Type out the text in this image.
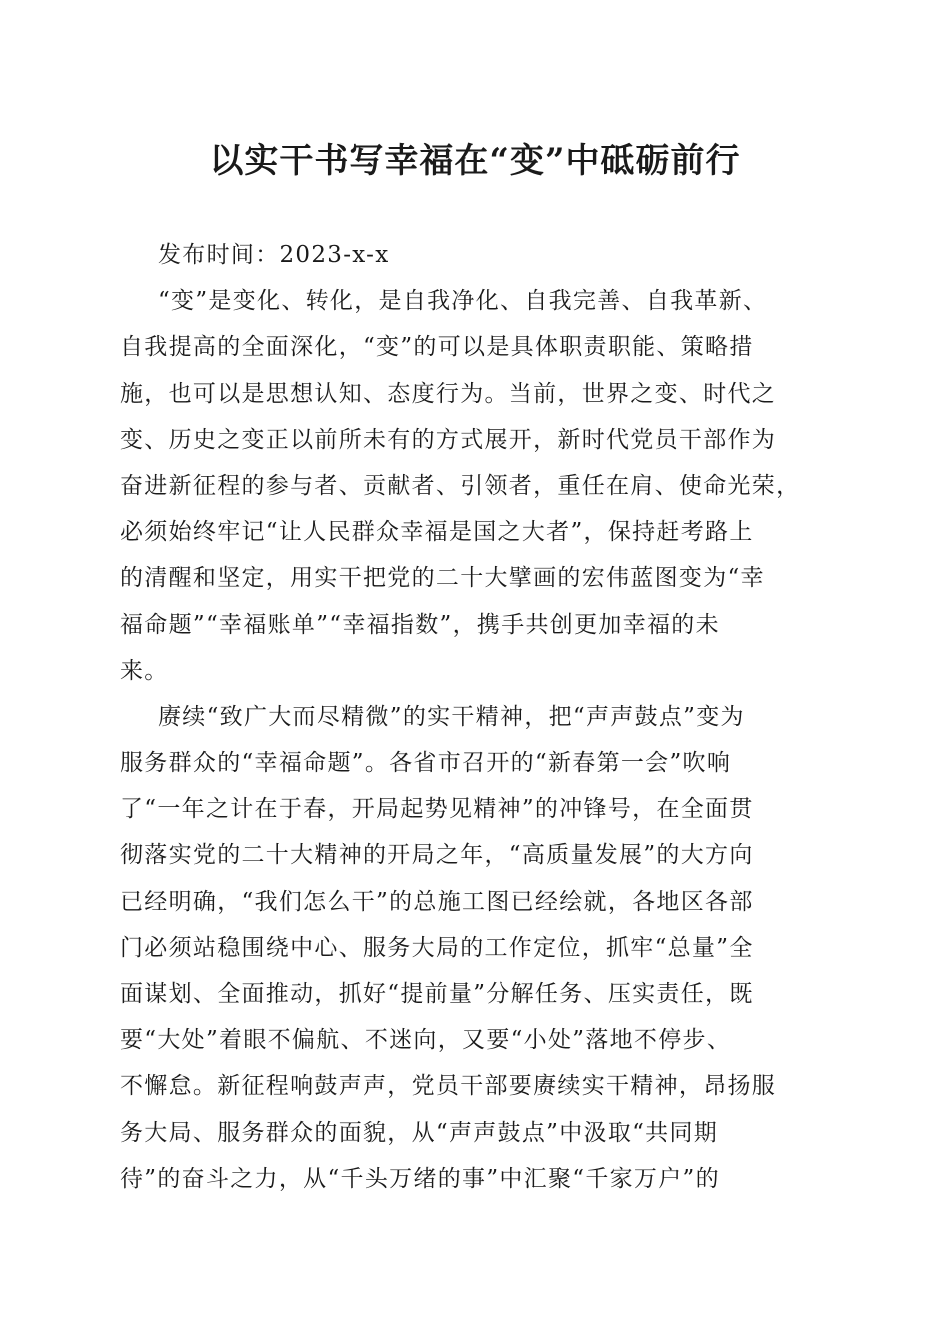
以实干书写幸福在“变”中砥砺前行
发布时间：2023-x-x
“变”是变化、转化，是自我净化、自我完善、自我革新、
自我提高的全面深化，“变”的可以是具体职责职能、策略措
施，也可以是思想认知、态度行为。当前，世界之变、时代之
变、历史之变正以前所未有的方式展开，新时代党员干部作为
奋进新征程的参与者、贡献者、引领者，重任在肩、使命光荣，
必须始终牢记“让人民群众幸福是国之大者”，保持赶考路上
的清醒和坚定，用实干把党的二十大擘画的宏伟蓝图变为“幸
福命题”“幸福账单”“幸福指数”，携手共创更加幸福的未
来。
赓续“致广大而尽精微”的实干精神，把“声声鼓点”变为
服务群众的“幸福命题”。各省市召开的“新春第一会”吹响
了“一年之计在于春，开局起势见精神”的冲锋号，在全面贯
彻落实党的二十大精神的开局之年，“高质量发展”的大方向
已经明确，“我们怎么干”的总施工图已经绘就，各地区各部
门必须站稳围绕中心、服务大局的工作定位，抓牢“总量”全
面谋划、全面推动，抓好“提前量”分解任务、压实责任，既
要“大处”着眼不偏航、不迷向，又要“小处”落地不停步、
不懈怠。新征程响鼓声声，党员干部要赓续实干精神，昂扬服
务大局、服务群众的面貌，从“声声鼓点”中汲取“共同期
待”的奋斗之力，从“千头万绪的事”中汇聚“千家万户”的
